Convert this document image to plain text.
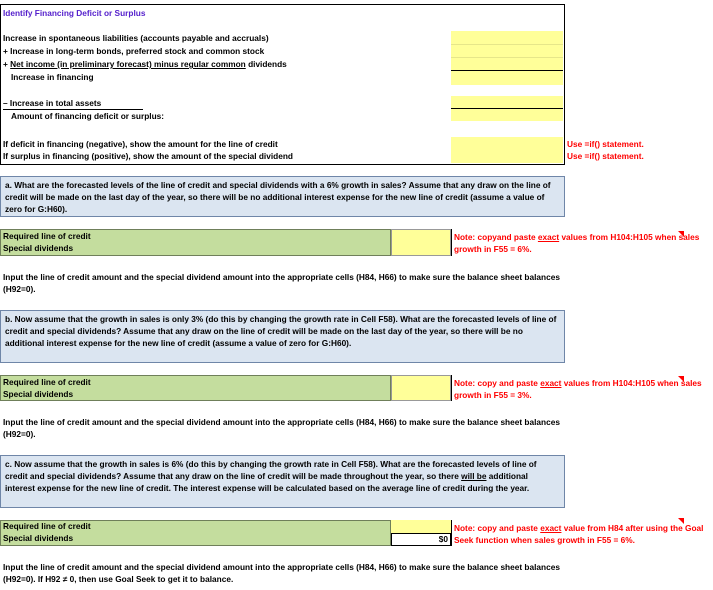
Identify Financing Deficit or Surplus
Increase in spontaneous liabilities (accounts payable and accruals)
+ Increase in long-term bonds, preferred stock and common stock
+ Net income (in preliminary forecast) minus regular common dividends
Increase in financing
– Increase in total assets
Amount of financing deficit or surplus:
If deficit in financing (negative), show the amount for the line of credit
If surplus in financing (positive), show the amount of the special dividend
Use =if() statement.
Use =if() statement.
a. What are the forecasted levels of the line of credit and special dividends with a 6% growth in sales? Assume that any draw on the line of credit will be made on the last day of the year, so there will be no additional interest expense for the new line of credit (assume a value of zero for G:H60).
Required line of credit
Special dividends
Note: copyand paste exact values from H104:H105 when sales growth in F55 = 6%.
Input the line of credit amount and the special dividend amount into the appropriate cells (H84, H66) to make sure the balance sheet balances (H92=0).
b. Now assume that the growth in sales is only 3% (do this by changing the growth rate in Cell F58). What are the forecasted levels of line of credit and special dividends? Assume that any draw on the line of credit will be made on the last day of the year, so there will be no additional interest expense for the new line of credit (assume a value of zero for G:H60).
Required line of credit
Special dividends
Note: copy and paste exact values from H104:H105 when sales growth in F55 = 3%.
Input the line of credit amount and the special dividend amount into the appropriate cells (H84, H66) to make sure the balance sheet balances (H92=0).
c. Now assume that the growth in sales is 6% (do this by changing the growth rate in Cell F58). What are the forecasted levels of line of credit and special dividends? Assume that any draw on the line of credit will be made throughout the year, so there will be additional interest expense for the new line of credit. The interest expense will be calculated based on the average line of credit during the year.
Required line of credit
Special dividends	$0
Note: copy and paste exact value from H84 after using the Goal Seek function when sales growth in F55 = 6%.
Input the line of credit amount and the special dividend amount into the appropriate cells (H84, H66) to make sure the balance sheet balances (H92=0). If H92 ≠ 0, then use Goal Seek to get it to balance.
